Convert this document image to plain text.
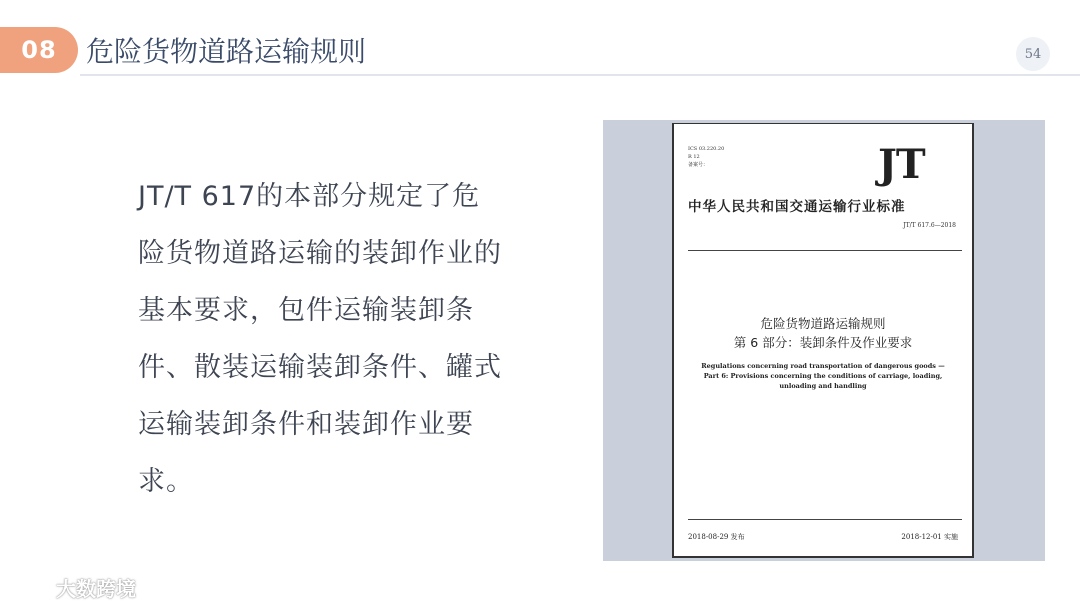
08 危险货物道路运输规则	54
JT/T 617的本部分规定了危险货物道路运输的装卸作业的基本要求，包件运输装卸条件、散装运输装卸条件、罐式运输装卸条件和装卸作业要求。
ICS 03.220.20
R 12
备案号：	JT
中华人民共和国交通运输行业标准
JT/T 617.6—2018
危险货物道路运输规则
第 6 部分：装卸条件及作业要求
Regulations concerning road transportation of dangerous goods —
Part 6: Provisions concerning the conditions of carriage, loading,
unloading and handling
2018-08-29 发布	2018-12-01 实施
大数跨境
